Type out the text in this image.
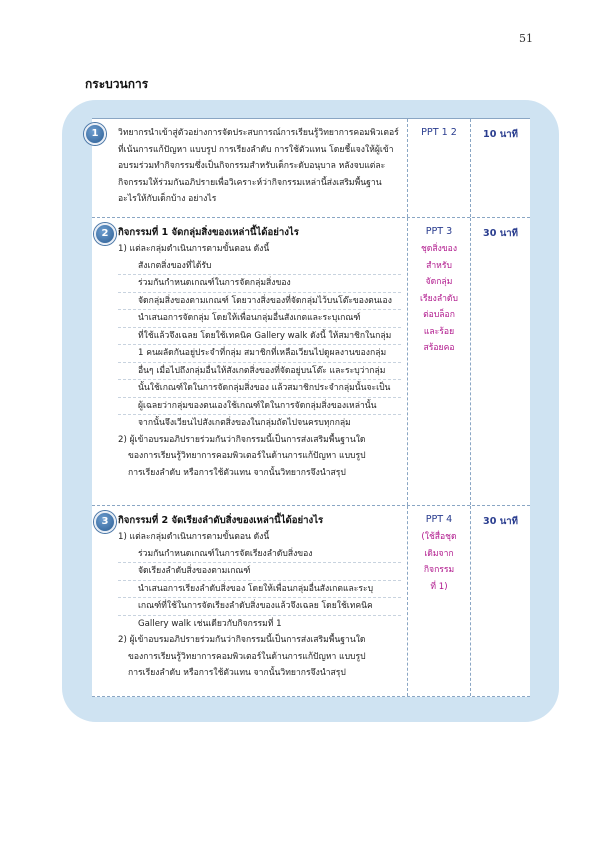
51
กระบวนการ
1	วิทยากรนำเข้าสู่ตัวอย่างการจัดประสบการณ์การเรียนรู้วิทยาการคอมพิวเตอร์
ที่เน้นการแก้ปัญหา แบบรูป การเรียงลำดับ การใช้ตัวแทน โดยชี้แจงให้ผู้เข้า
อบรมร่วมทำกิจกรรมซึ่งเป็นกิจกรรมสำหรับเด็กระดับอนุบาล หลังจบแต่ละ
กิจกรรมให้ร่วมกันอภิปรายเพื่อวิเคราะห์ว่ากิจกรรมเหล่านี้ส่งเสริมพื้นฐาน
อะไรให้กับเด็กบ้าง อย่างไร
PPT 1 2	10 นาที
2 กิจกรรมที่ 1 จัดกลุ่มสิ่งของเหล่านี้ได้อย่างไร
1) แต่ละกลุ่มดำเนินการตามขั้นตอน ดังนี้
สังเกตสิ่งของที่ได้รับ
ร่วมกันกำหนดเกณฑ์ในการจัดกลุ่มสิ่งของ
จัดกลุ่มสิ่งของตามเกณฑ์ โดยวางสิ่งของที่จัดกลุ่มไว้บนโต๊ะของตนเอง
นำเสนอการจัดกลุ่ม โดยให้เพื่อนกลุ่มอื่นสังเกตและระบุเกณฑ์
ที่ใช้แล้วจึงเฉลย โดยใช้เทคนิค Gallery walk ดังนี้ ให้สมาชิกในกลุ่ม
1 คนผลัดกันอยู่ประจำที่กลุ่ม สมาชิกที่เหลือเวียนไปดูผลงานของกลุ่ม
อื่นๆ เมื่อไปถึงกลุ่มอื่นให้สังเกตสิ่งของที่จัดอยู่บนโต๊ะ และระบุว่ากลุ่ม
นั้นใช้เกณฑ์ใดในการจัดกลุ่มสิ่งของ แล้วสมาชิกประจำกลุ่มนั้นจะเป็น
ผู้เฉลยว่ากลุ่มของตนเองใช้เกณฑ์ใดในการจัดกลุ่มสิ่งของเหล่านั้น
จากนั้นจึงเวียนไปสังเกตสิ่งของในกลุ่มถัดไปจนครบทุกกลุ่ม
2) ผู้เข้าอบรมอภิปรายร่วมกันว่ากิจกรรมนี้เป็นการส่งเสริมพื้นฐานใด
ของการเรียนรู้วิทยาการคอมพิวเตอร์ในด้านการแก้ปัญหา แบบรูป
การเรียงลำดับ หรือการใช้ตัวแทน จากนั้นวิทยากรจึงนำสรุป
PPT 3
ชุดสิ่งของ
สำหรับ
จัดกลุ่ม
เรียงลำดับ
ต่อบล็อก
และร้อย
สร้อยคอ
30 นาที
3 กิจกรรมที่ 2 จัดเรียงลำดับสิ่งของเหล่านี้ได้อย่างไร
1) แต่ละกลุ่มดำเนินการตามขั้นตอน ดังนี้
ร่วมกันกำหนดเกณฑ์ในการจัดเรียงลำดับสิ่งของ
จัดเรียงลำดับสิ่งของตามเกณฑ์
นำเสนอการเรียงลำดับสิ่งของ โดยให้เพื่อนกลุ่มอื่นสังเกตและระบุ
เกณฑ์ที่ใช้ในการจัดเรียงลำดับสิ่งของแล้วจึงเฉลย โดยใช้เทคนิค
Gallery walk เช่นเดียวกับกิจกรรมที่ 1
2) ผู้เข้าอบรมอภิปรายร่วมกันว่ากิจกรรมนี้เป็นการส่งเสริมพื้นฐานใด
ของการเรียนรู้วิทยาการคอมพิวเตอร์ในด้านการแก้ปัญหา แบบรูป
การเรียงลำดับ หรือการใช้ตัวแทน จากนั้นวิทยากรจึงนำสรุป
PPT 4
(ใช้สื่อชุด
เดิมจาก
กิจกรรม
ที่ 1)
30 นาที
